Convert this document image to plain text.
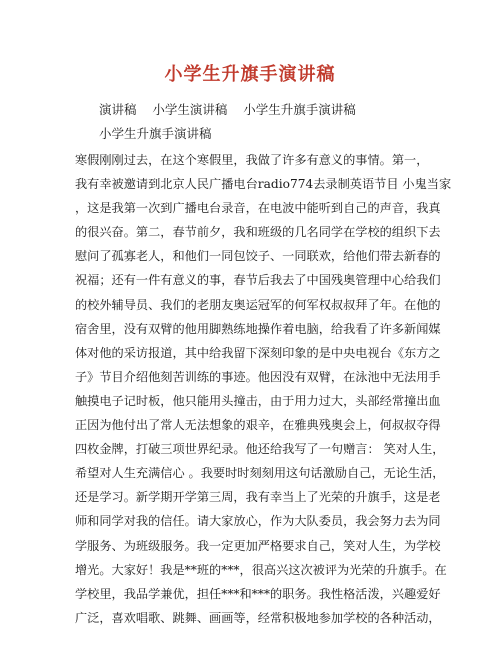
小学生升旗手演讲稿
演讲稿    小学生演讲稿    小学生升旗手演讲稿
小学生升旗手演讲稿
寒假刚刚过去，在这个寒假里，我做了许多有意义的事情。第一，
我有幸被邀请到北京人民广播电台radio774去录制英语节目 小鬼当家
，这是我第一次到广播电台录音，在电波中能听到自己的声音，我真
的很兴奋。第二，春节前夕，我和班级的几名同学在学校的组织下去
慰问了孤寡老人，和他们一同包饺子、一同联欢，给他们带去新春的
祝福；还有一件有意义的事，春节后我去了中国残奥管理中心给我们
的校外辅导员、我们的老朋友奥运冠军的何军权叔叔拜了年。在他的
宿舍里，没有双臂的他用脚熟练地操作着电脑，给我看了许多新闻媒
体对他的采访报道，其中给我留下深刻印象的是中央电视台《东方之
子》节目介绍他刻苦训练的事迹。他因没有双臂，在泳池中无法用手
触摸电子记时板，他只能用头撞击，由于用力过大，头部经常撞出血
正因为他付出了常人无法想象的艰辛，在雅典残奥会上，何叔叔夺得
四枚金牌，打破三项世界纪录。他还给我写了一句赠言： 笑对人生，
希望对人生充满信心 。我要时时刻刻用这句话激励自己，无论生活，
还是学习。新学期开学第三周，我有幸当上了光荣的升旗手，这是老
师和同学对我的信任。请大家放心，作为大队委员，我会努力去为同
学服务、为班级服务。我一定更加严格要求自己，笑对人生，为学校
增光。大家好！我是**班的***，很高兴这次被评为光荣的升旗手。在
学校里，我品学兼优，担任***和***的职务。我性格活泼，兴趣爱好
广泛，喜欢唱歌、跳舞、画画等，经常积极地参加学校的各种活动，
